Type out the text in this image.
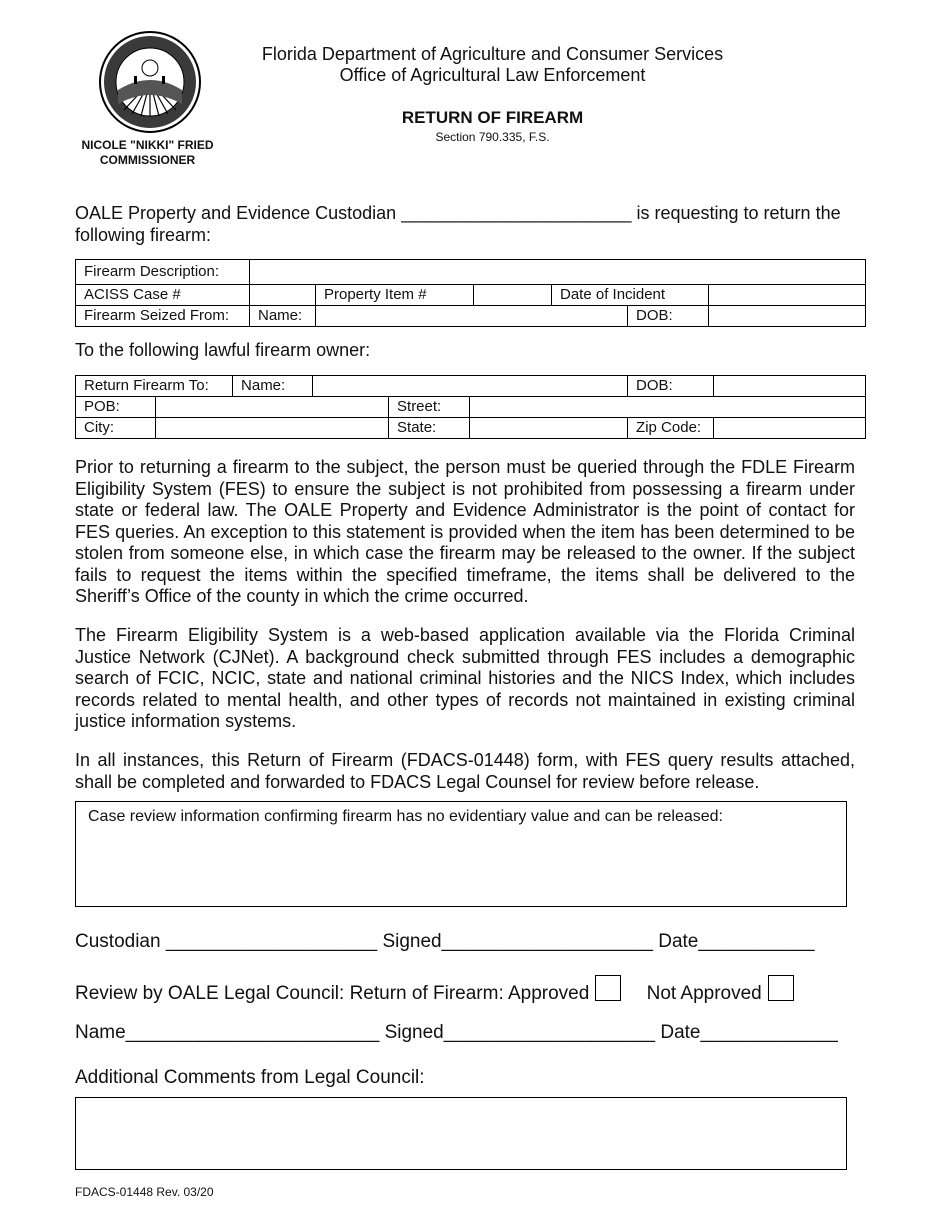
NICOLE "NIKKI" FRIED
COMMISSIONER
Florida Department of Agriculture and Consumer Services
Office of Agricultural Law Enforcement
RETURN OF FIREARM
Section 790.335, F.S.
OALE Property and Evidence Custodian _______________________ is requesting to return the following firearm:
Firearm Description:						
ACISS Case #		Property Item #		Date of Incident		
Firearm Seized From:	Name:				DOB:	
To the following lawful firearm owner:
Return Firearm To:		Name:				DOB:	
POB:				Street:			
City:				State:		Zip Code:	
Prior to returning a firearm to the subject, the person must be queried through the FDLE Firearm Eligibility System (FES) to ensure the subject is not prohibited from possessing a firearm under state or federal law. The OALE Property and Evidence Administrator is the point of contact for FES queries. An exception to this statement is provided when the item has been determined to be stolen from someone else, in which case the firearm may be released to the owner. If the subject fails to request the items within the specified timeframe, the items shall be delivered to the Sheriff’s Office of the county in which the crime occurred.
The Firearm Eligibility System is a web-based application available via the Florida Criminal Justice Network (CJNet). A background check submitted through FES includes a demographic search of FCIC, NCIC, state and national criminal histories and the NICS Index, which includes records related to mental health, and other types of records not maintained in existing criminal justice information systems.
In all instances, this Return of Firearm (FDACS-01448) form, with FES query results attached, shall be completed and forwarded to FDACS Legal Counsel for review before release.
Case review information confirming firearm has no evidentiary value and can be released:
Custodian ____________________ Signed____________________ Date___________
Review by OALE Legal Council: Return of Firearm: Approved	Not Approved
Name________________________ Signed____________________ Date_____________
Additional Comments from Legal Council:
FDACS-01448 Rev. 03/20
